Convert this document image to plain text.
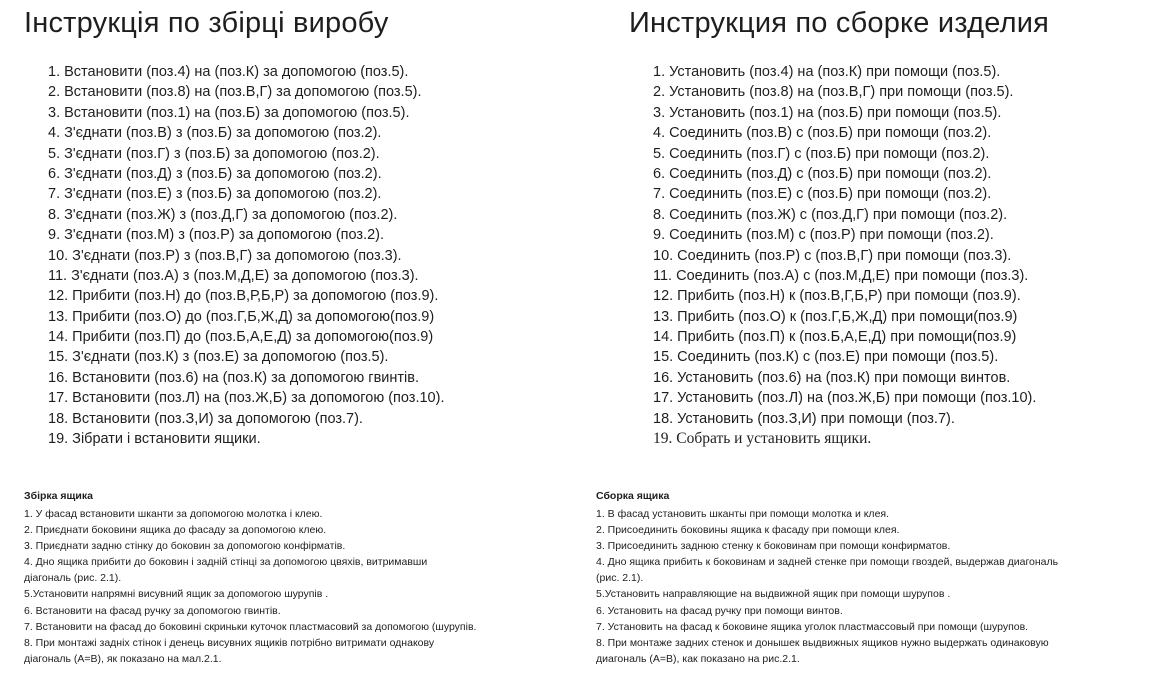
Інструкція по збірці виробу
1. Встановити (поз.4) на (поз.К) за допомогою (поз.5).
2. Встановити (поз.8) на (поз.В,Г) за допомогою (поз.5).
3. Встановити (поз.1) на (поз.Б) за допомогою (поз.5).
4. З'єднати (поз.В) з (поз.Б) за допомогою (поз.2).
5. З'єднати (поз.Г) з (поз.Б) за допомогою (поз.2).
6. З'єднати (поз.Д) з (поз.Б) за допомогою (поз.2).
7. З'єднати (поз.Е) з (поз.Б) за допомогою (поз.2).
8. З'єднати (поз.Ж) з (поз.Д,Г) за допомогою (поз.2).
9. З'єднати (поз.М) з (поз.Р) за допомогою (поз.2).
10. З'єднати (поз.Р) з (поз.В,Г) за допомогою (поз.3).
11. З'єднати (поз.А) з (поз.М,Д,Е) за допомогою (поз.3).
12. Прибити (поз.Н) до (поз.В,Р,Б,Р) за допомогою (поз.9).
13. Прибити (поз.О) до (поз.Г,Б,Ж,Д) за допомогою(поз.9)
14. Прибити (поз.П) до (поз.Б,А,Е,Д) за допомогою(поз.9)
15. З'єднати (поз.К) з (поз.Е) за допомогою (поз.5).
16. Встановити (поз.6) на (поз.К) за допомогою гвинтів.
17. Встановити (поз.Л) на (поз.Ж,Б) за допомогою (поз.10).
18. Встановити (поз.З,И) за допомогою (поз.7).
19. Зібрати і встановити ящики.
Збірка ящика

1. У фасад встановити шканти за допомогою молотка і клею.

2. Приєднати боковини ящика до фасаду за допомогою клею.

3. Приєднати задню стінку до боковин за допомогою конфірматів.

4. Дно ящика прибити до боковин і задній стінці за допомогою цвяхів, витримавши

діагональ (рис. 2.1).

5.Установити напрямні висувний ящик за допомогою шурупів .

6. Встановити на фасад ручку за допомогою гвинтів.

7. Встановити на фасад до боковині скриньки куточок пластмасовий за допомогою (шурупів.

8. При монтажі задніх стінок і денець висувних ящиків потрібно витримати однакову

діагональ (А=В), як показано на мал.2.1.

Инструкция по сборке изделия
1. Установить (поз.4) на (поз.К) при помощи (поз.5).
2. Установить (поз.8) на (поз.В,Г) при помощи (поз.5).
3. Установить (поз.1) на (поз.Б) при помощи (поз.5).
4. Соединить (поз.В) с (поз.Б) при помощи (поз.2).
5. Соединить (поз.Г) с (поз.Б) при помощи (поз.2).
6. Соединить (поз.Д) с (поз.Б) при помощи (поз.2).
7. Соединить (поз.Е) с (поз.Б) при помощи (поз.2).
8. Соединить (поз.Ж) с (поз.Д,Г) при помощи (поз.2).
9. Соединить (поз.М) с (поз.Р) при помощи (поз.2).
10. Соединить (поз.Р) с (поз.В,Г) при помощи (поз.3).
11. Соединить (поз.А) с (поз.М,Д,Е) при помощи (поз.3).
12. Прибить (поз.Н) к (поз.В,Г,Б,Р) при помощи (поз.9).
13. Прибить (поз.О) к (поз.Г,Б,Ж,Д) при помощи(поз.9)
14. Прибить (поз.П) к (поз.Б,А,Е,Д) при помощи(поз.9)
15. Соединить (поз.К) с (поз.Е) при помощи (поз.5).
16. Установить (поз.6) на (поз.К) при помощи винтов.
17. Установить (поз.Л) на (поз.Ж,Б) при помощи (поз.10).
18. Установить (поз.З,И) при помощи (поз.7).
19. Собрать и установить ящики.
Сборка ящика

1. В фасад установить шканты при помощи молотка и клея.

2. Присоединить боковины ящика к фасаду при помощи клея.

3. Присоединить заднюю стенку к боковинам при помощи конфирматов.

4. Дно ящика прибить к боковинам и задней стенке при помощи гвоздей, выдержав диагональ

(рис. 2.1).

5.Установить направляющие на выдвижной ящик при помощи шурупов .

6. Установить на фасад ручку при помощи винтов.

7. Установить на фасад к боковине ящика уголок пластмассовый при помощи (шурупов.

8. При монтаже задних стенок и донышек выдвижных ящиков нужно выдержать одинаковую

диагональ (А=В), как показано на рис.2.1.
